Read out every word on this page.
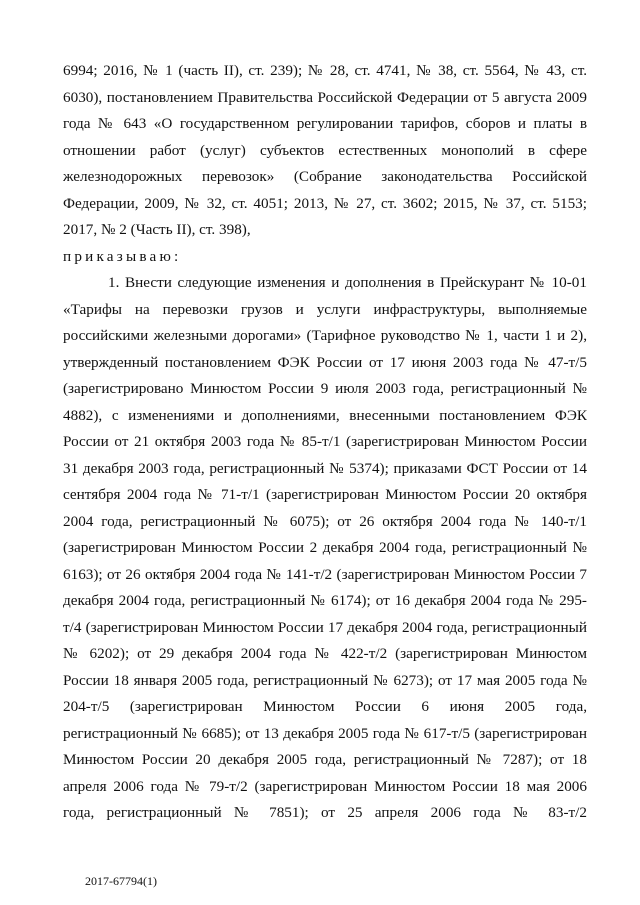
6994; 2016, № 1 (часть II), ст. 239); № 28, ст. 4741, № 38, ст. 5564, № 43, ст.
6030), постановлением Правительства Российской Федерации от 5 августа 2009
года № 643 «О государственном регулировании тарифов, сборов и платы в
отношении работ (услуг) субъектов естественных монополий в сфере
железнодорожных перевозок» (Собрание законодательства Российской
Федерации, 2009, № 32, ст. 4051; 2013, № 27, ст. 3602; 2015, № 37, ст. 5153;
2017, № 2 (Часть II), ст. 398),
приказываю:
1. Внести следующие изменения и дополнения в Прейскурант № 10-01
«Тарифы на перевозки грузов и услуги инфраструктуры, выполняемые
российскими железными дорогами» (Тарифное руководство № 1, части 1 и 2),
утвержденный постановлением ФЭК России от 17 июня 2003 года № 47-т/5
(зарегистрировано Минюстом России 9 июля 2003 года, регистрационный №
4882), с изменениями и дополнениями, внесенными постановлением ФЭК
России от 21 октября 2003 года № 85-т/1 (зарегистрирован Минюстом России
31 декабря 2003 года, регистрационный № 5374); приказами ФСТ России от 14
сентября 2004 года № 71-т/1 (зарегистрирован Минюстом России 20 октября
2004 года, регистрационный № 6075); от 26 октября 2004 года № 140-т/1
(зарегистрирован Минюстом России 2 декабря 2004 года, регистрационный №
6163); от 26 октября 2004 года № 141-т/2 (зарегистрирован Минюстом России 7
декабря 2004 года, регистрационный № 6174); от 16 декабря 2004 года № 295-
т/4 (зарегистрирован Минюстом России 17 декабря 2004 года, регистрационный
№ 6202); от 29 декабря 2004 года № 422-т/2 (зарегистрирован Минюстом
России 18 января 2005 года, регистрационный № 6273); от 17 мая 2005 года №
204-т/5 (зарегистрирован Минюстом России 6 июня 2005 года,
регистрационный № 6685); от 13 декабря 2005 года № 617-т/5 (зарегистрирован
Минюстом России 20 декабря 2005 года, регистрационный № 7287); от 18
апреля 2006 года № 79-т/2 (зарегистрирован Минюстом России 18 мая 2006
года, регистрационный № 7851); от 25 апреля 2006 года № 83-т/2
2017-67794(1)
